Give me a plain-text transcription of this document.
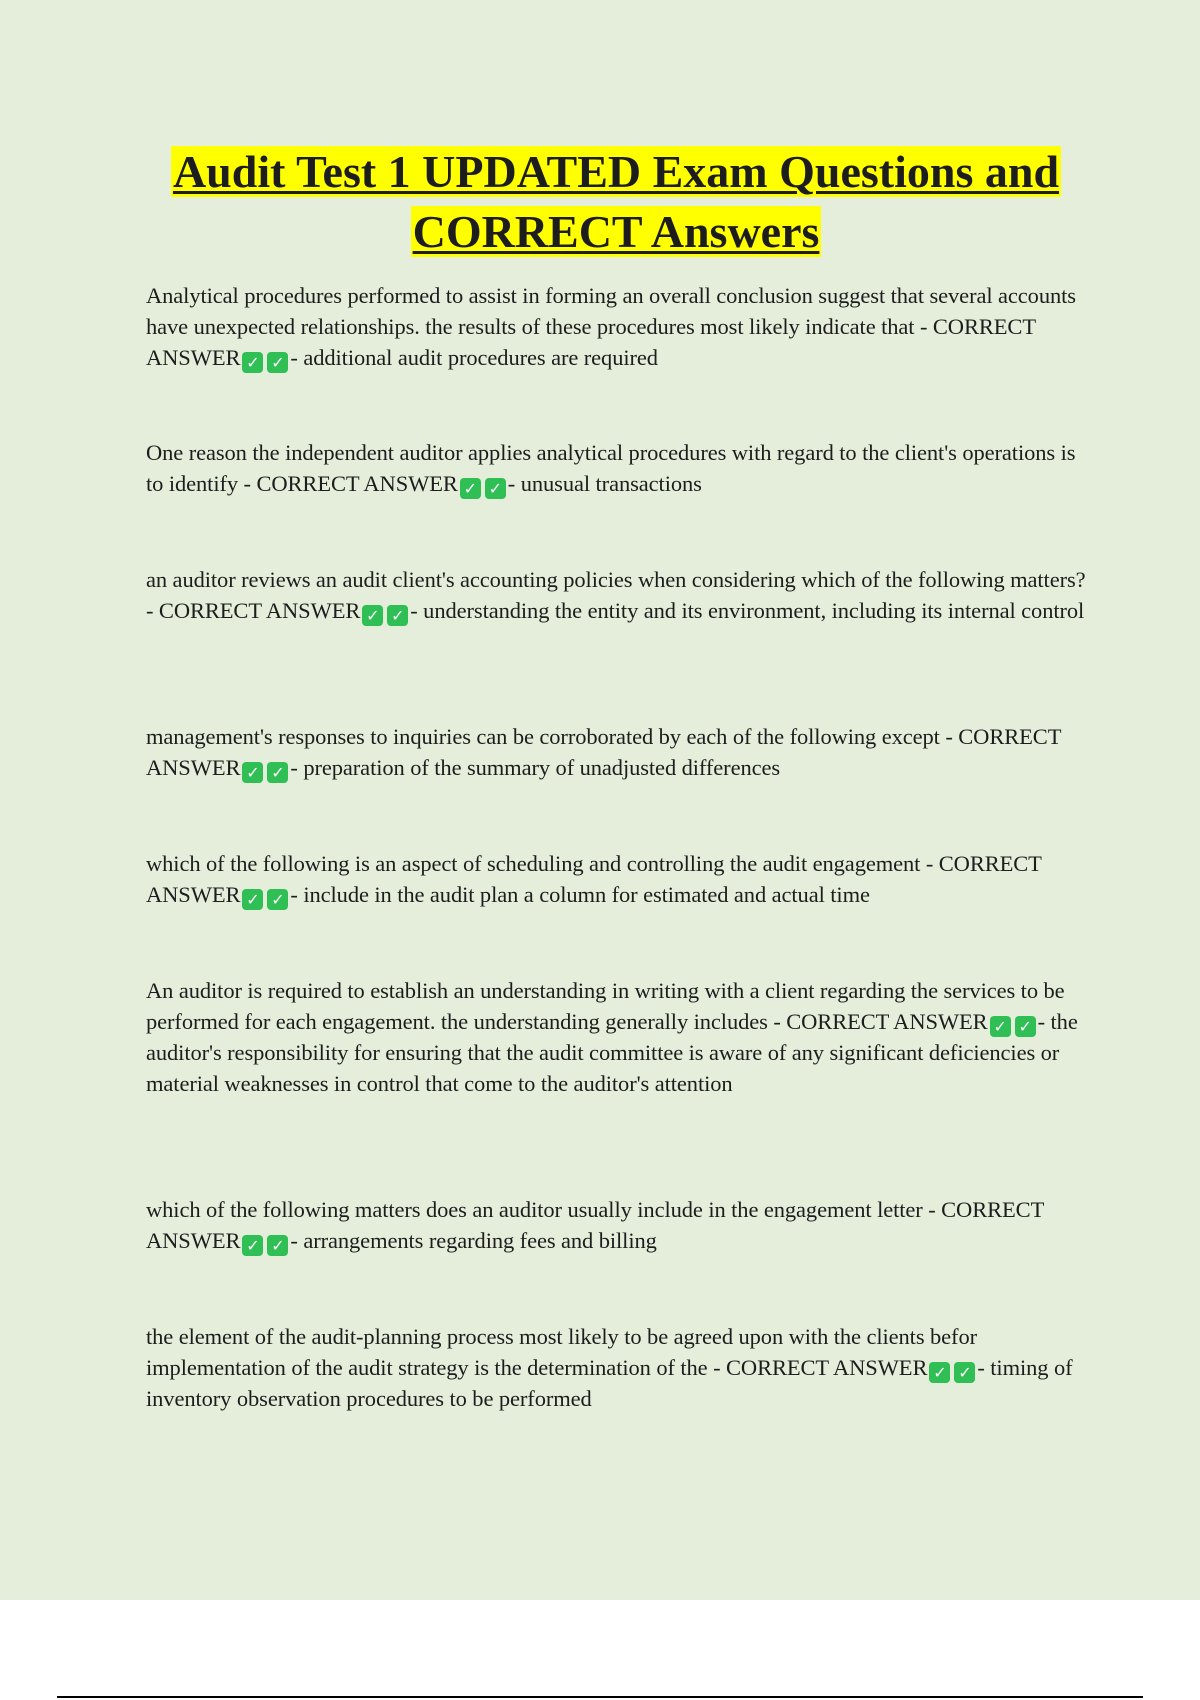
Audit Test 1 UPDATED Exam Questions and
CORRECT Answers

Analytical procedures performed to assist in forming an overall conclusion suggest that several accounts have unexpected relationships. the results of these procedures most likely indicate that - CORRECT ANSWER ✓ ✓ - additional audit procedures are required

One reason the independent auditor applies analytical procedures with regard to the client's operations is to identify - CORRECT ANSWER ✓ ✓ - unusual transactions

an auditor reviews an audit client's accounting policies when considering which of the following matters? - CORRECT ANSWER ✓ ✓ - understanding the entity and its environment, including its internal control

management's responses to inquiries can be corroborated by each of the following except - CORRECT ANSWER ✓ ✓ - preparation of the summary of unadjusted differences

which of the following is an aspect of scheduling and controlling the audit engagement - CORRECT ANSWER ✓ ✓ - include in the audit plan a column for estimated and actual time

An auditor is required to establish an understanding in writing with a client regarding the services to be performed for each engagement. the understanding generally includes - CORRECT ANSWER ✓ ✓ - the auditor's responsibility for ensuring that the audit committee is aware of any significant deficiencies or material weaknesses in control that come to the auditor's attention

which of the following matters does an auditor usually include in the engagement letter - CORRECT ANSWER ✓ ✓ - arrangements regarding fees and billing

the element of the audit-planning process most likely to be agreed upon with the clients befor implementation of the audit strategy is the determination of the - CORRECT ANSWER ✓ ✓ - timing of inventory observation procedures to be performed
